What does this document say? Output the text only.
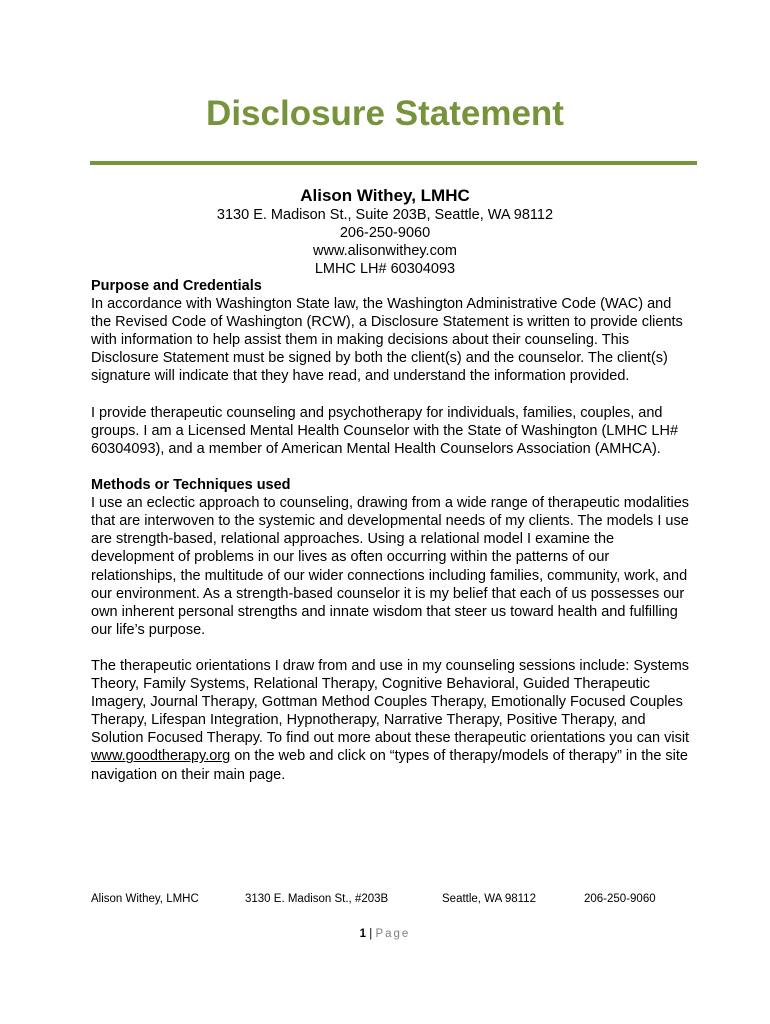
Disclosure Statement

Alison Withey, LMHC

3130 E. Madison St., Suite 203B, Seattle, WA 98112

206-250-9060

www.alisonwithey.com

LMHC LH# 60304093

Purpose and Credentials

In accordance with Washington State law, the Washington Administrative Code (WAC) and the Revised Code of Washington (RCW), a Disclosure Statement is written to provide clients with information to help assist them in making decisions about their counseling. This Disclosure Statement must be signed by both the client(s) and the counselor. The client(s) signature will indicate that they have read, and understand the information provided.

I provide therapeutic counseling and psychotherapy for individuals, families, couples, and groups. I am a Licensed Mental Health Counselor with the State of Washington (LMHC LH# 60304093), and a member of American Mental Health Counselors Association (AMHCA).

Methods or Techniques used

I use an eclectic approach to counseling, drawing from a wide range of therapeutic modalities that are interwoven to the systemic and developmental needs of my clients. The models I use are strength-based, relational approaches. Using a relational model I examine the development of problems in our lives as often occurring within the patterns of our relationships, the multitude of our wider connections including families, community, work, and our environment. As a strength-based counselor it is my belief that each of us possesses our own inherent personal strengths and innate wisdom that steer us toward health and fulfilling our life’s purpose.

The therapeutic orientations I draw from and use in my counseling sessions include: Systems Theory, Family Systems, Relational Therapy, Cognitive Behavioral, Guided Therapeutic Imagery, Journal Therapy, Gottman Method Couples Therapy, Emotionally Focused Couples Therapy, Lifespan Integration, Hypnotherapy, Narrative Therapy, Positive Therapy, and Solution Focused Therapy. To find out more about these therapeutic orientations you can visit www.goodtherapy.org on the web and click on “types of therapy/models of therapy” in the site navigation on their main page.

Alison Withey, LMHC	3130 E. Madison St., #203B	Seattle, WA 98112	206-250-9060
1 | Page
